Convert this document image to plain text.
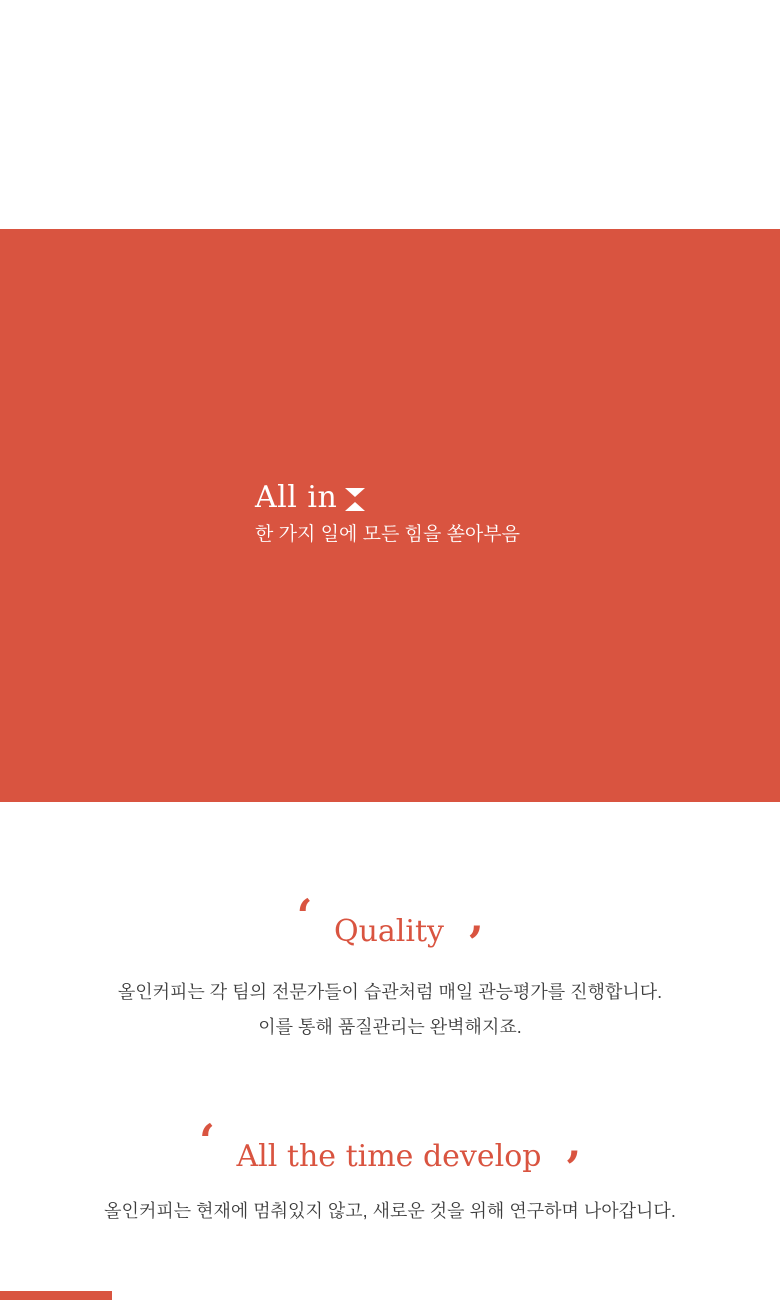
All in

한 가지 일에 모든 힘을 쏟아부음

‘ Quality ’

올인커피는 각 팀의 전문가들이 습관처럼 매일 관능평가를 진행합니다.

이를 통해 품질관리는 완벽해지죠.

‘ All the time develop ’

올인커피는 현재에 멈춰있지 않고, 새로운 것을 위해 연구하며 나아갑니다.
